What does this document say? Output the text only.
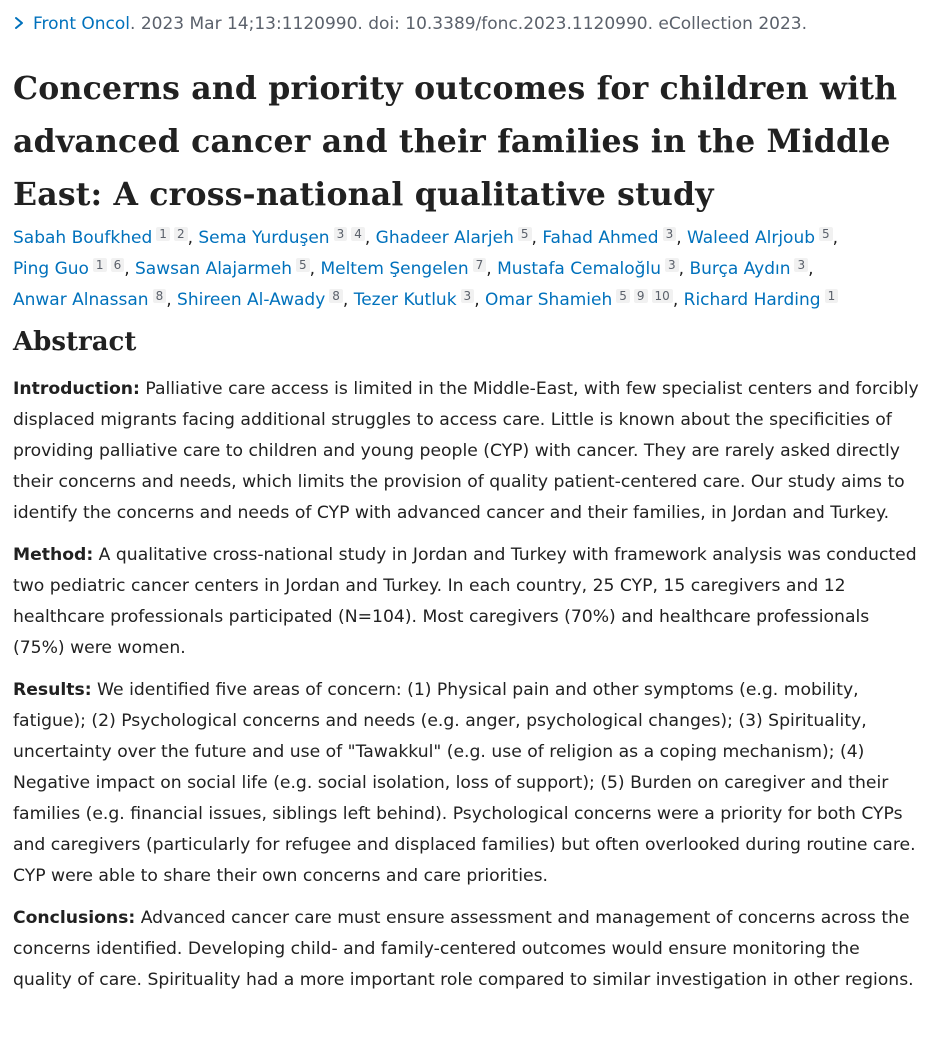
Front Oncol. 2023 Mar 14;13:1120990. doi: 10.3389/fonc.2023.1120990. eCollection 2023.
Concerns and priority outcomes for children with advanced cancer and their families in the Middle East: A cross-national qualitative study
Sabah Boufkhed 1 2 , Sema Yurduşen 3 4 , Ghadeer Alarjeh 5 , Fahad Ahmed 3 , Waleed Alrjoub 5 , Ping Guo 1 6 , Sawsan Alajarmeh 5 , Meltem Şengelen 7 , Mustafa Cemaloğlu 3 , Burça Aydın 3 , Anwar Alnassan 8 , Shireen Al-Awady 8 , Tezer Kutluk 3 , Omar Shamieh 5 9 10 , Richard Harding 1
Abstract

Introduction: Palliative care access is limited in the Middle-East, with few specialist centers and forcibly displaced migrants facing additional struggles to access care. Little is known about the specificities of providing palliative care to children and young people (CYP) with cancer. They are rarely asked directly their concerns and needs, which limits the provision of quality patient-centered care. Our study aims to identify the concerns and needs of CYP with advanced cancer and their families, in Jordan and Turkey.

Method: A qualitative cross-national study in Jordan and Turkey with framework analysis was conducted two pediatric cancer centers in Jordan and Turkey. In each country, 25 CYP, 15 caregivers and 12 healthcare professionals participated (N=104). Most caregivers (70%) and healthcare professionals (75%) were women.

Results: We identified five areas of concern: (1) Physical pain and other symptoms (e.g. mobility, fatigue); (2) Psychological concerns and needs (e.g. anger, psychological changes); (3) Spirituality, uncertainty over the future and use of "Tawakkul" (e.g. use of religion as a coping mechanism); (4) Negative impact on social life (e.g. social isolation, loss of support); (5) Burden on caregiver and their families (e.g. financial issues, siblings left behind). Psychological concerns were a priority for both CYPs and caregivers (particularly for refugee and displaced families) but often overlooked during routine care. CYP were able to share their own concerns and care priorities.

Conclusions: Advanced cancer care must ensure assessment and management of concerns across the concerns identified. Developing child- and family-centered outcomes would ensure monitoring the quality of care. Spirituality had a more important role compared to similar investigation in other regions.
